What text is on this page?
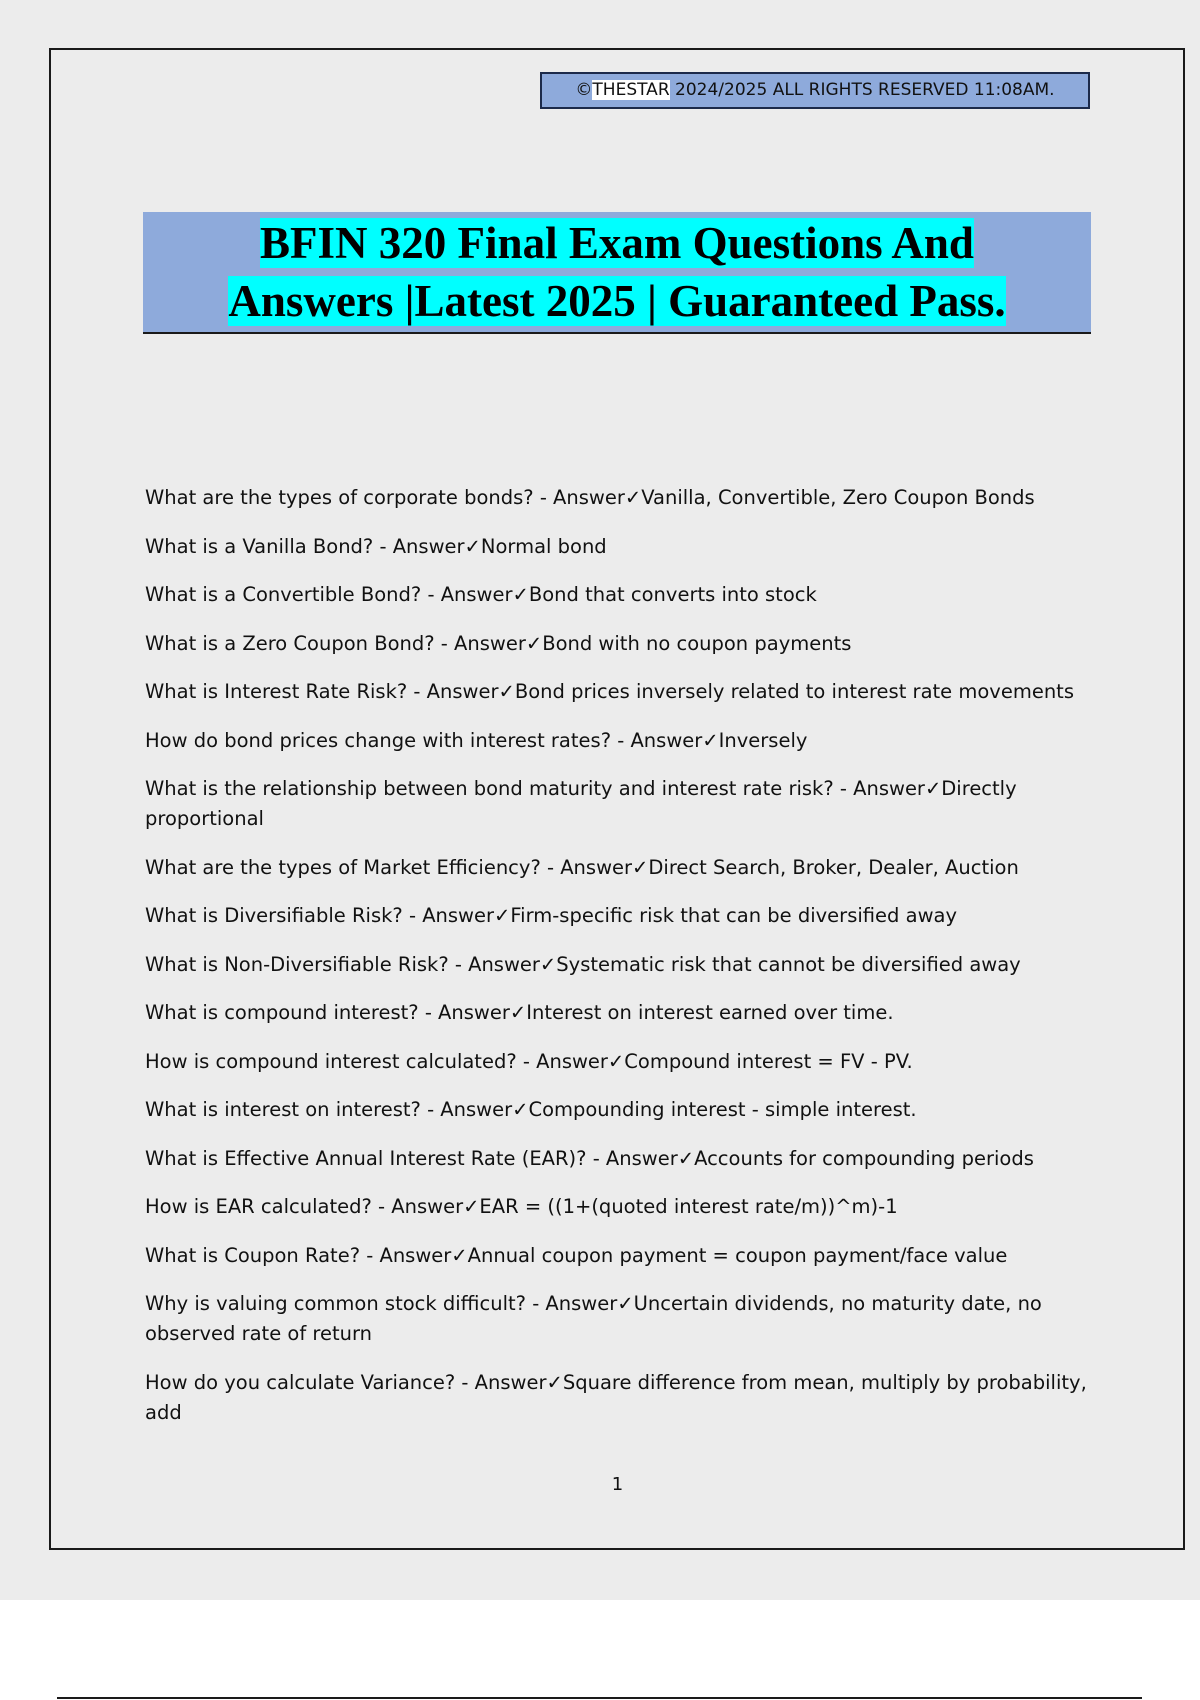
©THESTAR 2024/2025 ALL RIGHTS RESERVED 11:08AM.
BFIN 320 Final Exam Questions And
Answers |Latest 2025 | Guaranteed Pass.
What are the types of corporate bonds? - Answer✓Vanilla, Convertible, Zero Coupon Bonds
What is a Vanilla Bond? - Answer✓Normal bond
What is a Convertible Bond? - Answer✓Bond that converts into stock
What is a Zero Coupon Bond? - Answer✓Bond with no coupon payments
What is Interest Rate Risk? - Answer✓Bond prices inversely related to interest rate movements
How do bond prices change with interest rates? - Answer✓Inversely
What is the relationship between bond maturity and interest rate risk? - Answer✓Directly proportional
What are the types of Market Efficiency? - Answer✓Direct Search, Broker, Dealer, Auction
What is Diversifiable Risk? - Answer✓Firm-specific risk that can be diversified away
What is Non-Diversifiable Risk? - Answer✓Systematic risk that cannot be diversified away
What is compound interest? - Answer✓Interest on interest earned over time.
How is compound interest calculated? - Answer✓Compound interest = FV - PV.
What is interest on interest? - Answer✓Compounding interest - simple interest.
What is Effective Annual Interest Rate (EAR)? - Answer✓Accounts for compounding periods
How is EAR calculated? - Answer✓EAR = ((1+(quoted interest rate/m))^m)-1
What is Coupon Rate? - Answer✓Annual coupon payment = coupon payment/face value
Why is valuing common stock difficult? - Answer✓Uncertain dividends, no maturity date, no observed rate of return
How do you calculate Variance? - Answer✓Square difference from mean, multiply by probability, add
1
